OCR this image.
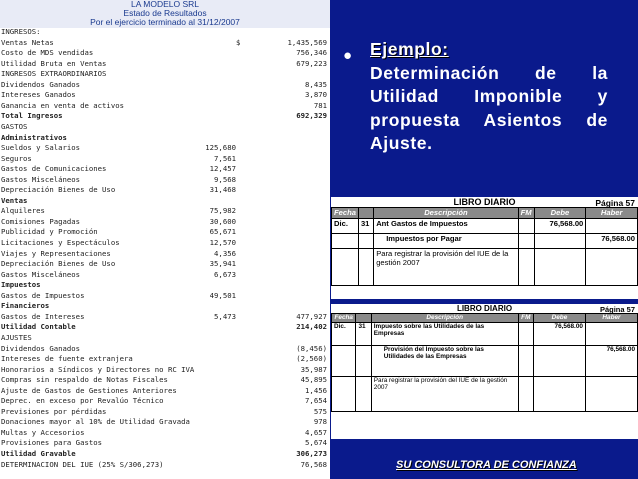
LA MODELO SRL
Estado de Resultados
Por el ejercicio terminado al 31/12/2007
INGRESOS:
Ventas Netas	$	1,435,569
Costo de MDS vendidas	756,346
Utilidad Bruta en Ventas	679,223
INGRESOS EXTRAORDINARIOS
Dividendos Ganados	8,435
Intereses Ganados	3,870
Ganancia en venta de activos	781
Total Ingresos	692,329
GASTOS
Administrativos
Sueldos y Salarios	125,680
Seguros	7,561
Gastos de Comunicaciones	12,457
Gastos Misceláneos	9,568
Depreciación Bienes de Uso	31,468
Ventas
Alquileres	75,982
Comisiones Pagadas	30,600
Publicidad y Promoción	65,671
Licitaciones y Espectáculos	12,570
Viajes y Representaciones	4,356
Depreciación Bienes de Uso	35,941
Gastos Misceláneos	6,673
Impuestos
Gastos de Impuestos	49,501
Financieros
Gastos de Intereses	5,473	477,927
Utilidad Contable	214,402
AJUSTES
Dividendos Ganados	(8,456)
Intereses de fuente extranjera	(2,560)
Honorarios a Síndicos y Directores no RC IVA	35,987
Compras sin respaldo de Notas Fiscales	45,895
Ajuste de Gastos de Gestiones Anteriores	1,456
Deprec. en exceso por Revalúo Técnico	7,654
Previsiones por pérdidas	575
Donaciones mayor al 10% de Utilidad Gravada	978
Multas y Accesorios	4,657
Provisiones para Gastos	5,674
Utilidad Gravable	306,273
DETERMINACION DEL IUE (25% S/306,273)	76,568
● Ejemplo:
Determinación de la Utilidad Imponible y propuesta Asientos de Ajuste.
LIBRO DIARIO	Página 57
Fecha		Descripción	FM	Debe	Haber
Dic.	31	Ant Gastos de Impuestos		76,568.00	
		Impuestos por Pagar			76,568.00
		Para registrar la provisión del IUE de la gestión 2007			
LIBRO DIARIO	Página 57
Fecha		Descripción	FM	Debe	Haber
Dic.	31	Impuesto sobre las Utilidades de las Empresas		76,568.00	
		Provisión del Impuesto sobre las Utilidades de las Empresas			76,568.00
		Para registrar la provisión del IUE de la gestión 2007			
SU CONSULTORA DE CONFIANZA
